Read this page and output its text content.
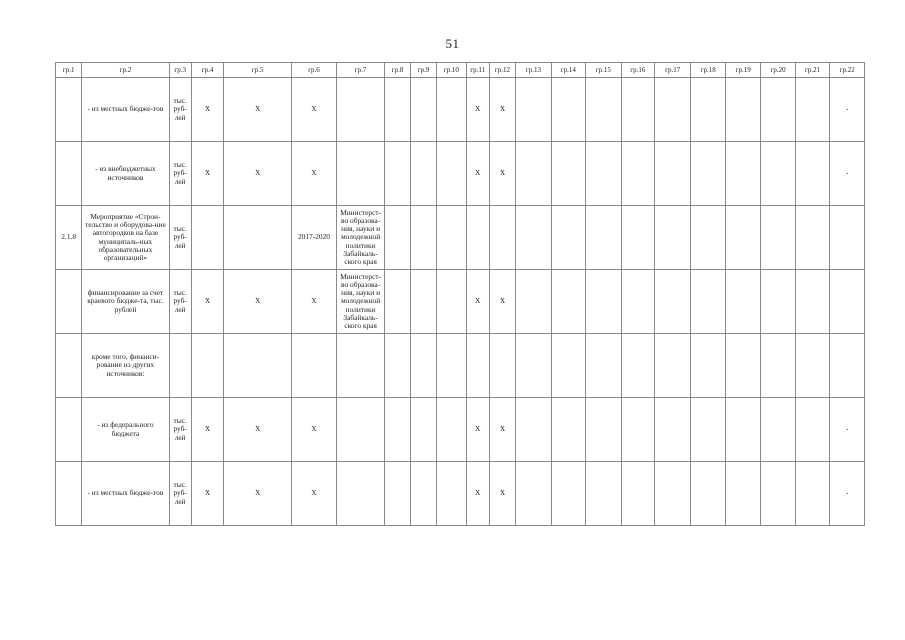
51
гр.1	гр.2	гр.3	гр.4	гр.5	гр.6	гр.7	гр.8	гр.9	гр.10	гр.11	гр.12	гр.13	гр.14	гр.15	гр.16	гр.17	гр.18	гр.19	гр.20	гр.21	гр.22
	- из местных бюдже-тов	тыс. руб-лей	X	X	X					X	X										-
	- из внебюджетных источников	тыс. руб-лей	X	X	X					X	X										-
2.1.8	Мероприятие «Строи-тельство и оборудова-ние автогородков на базе муниципаль-ных образовательных организаций»	тыс. руб-лей			2017-2020	Министерст-во образова-ния, науки и молодежной политики Забайкаль-ского края															
	финансирование за счет краевого бюдже-та, тыс. рублей	тыс. руб-лей	X	X	X	Министерст-во образова-ния, науки и молодежной политики Забайкаль-ского края				X	X										
	кроме того, финанси-рование из других источников:																				
	- из федерального бюджета	тыс. руб-лей	X	X	X					X	X										-
	- из местных бюдже-тов	тыс. руб-лей	X	X	X					X	X										-
